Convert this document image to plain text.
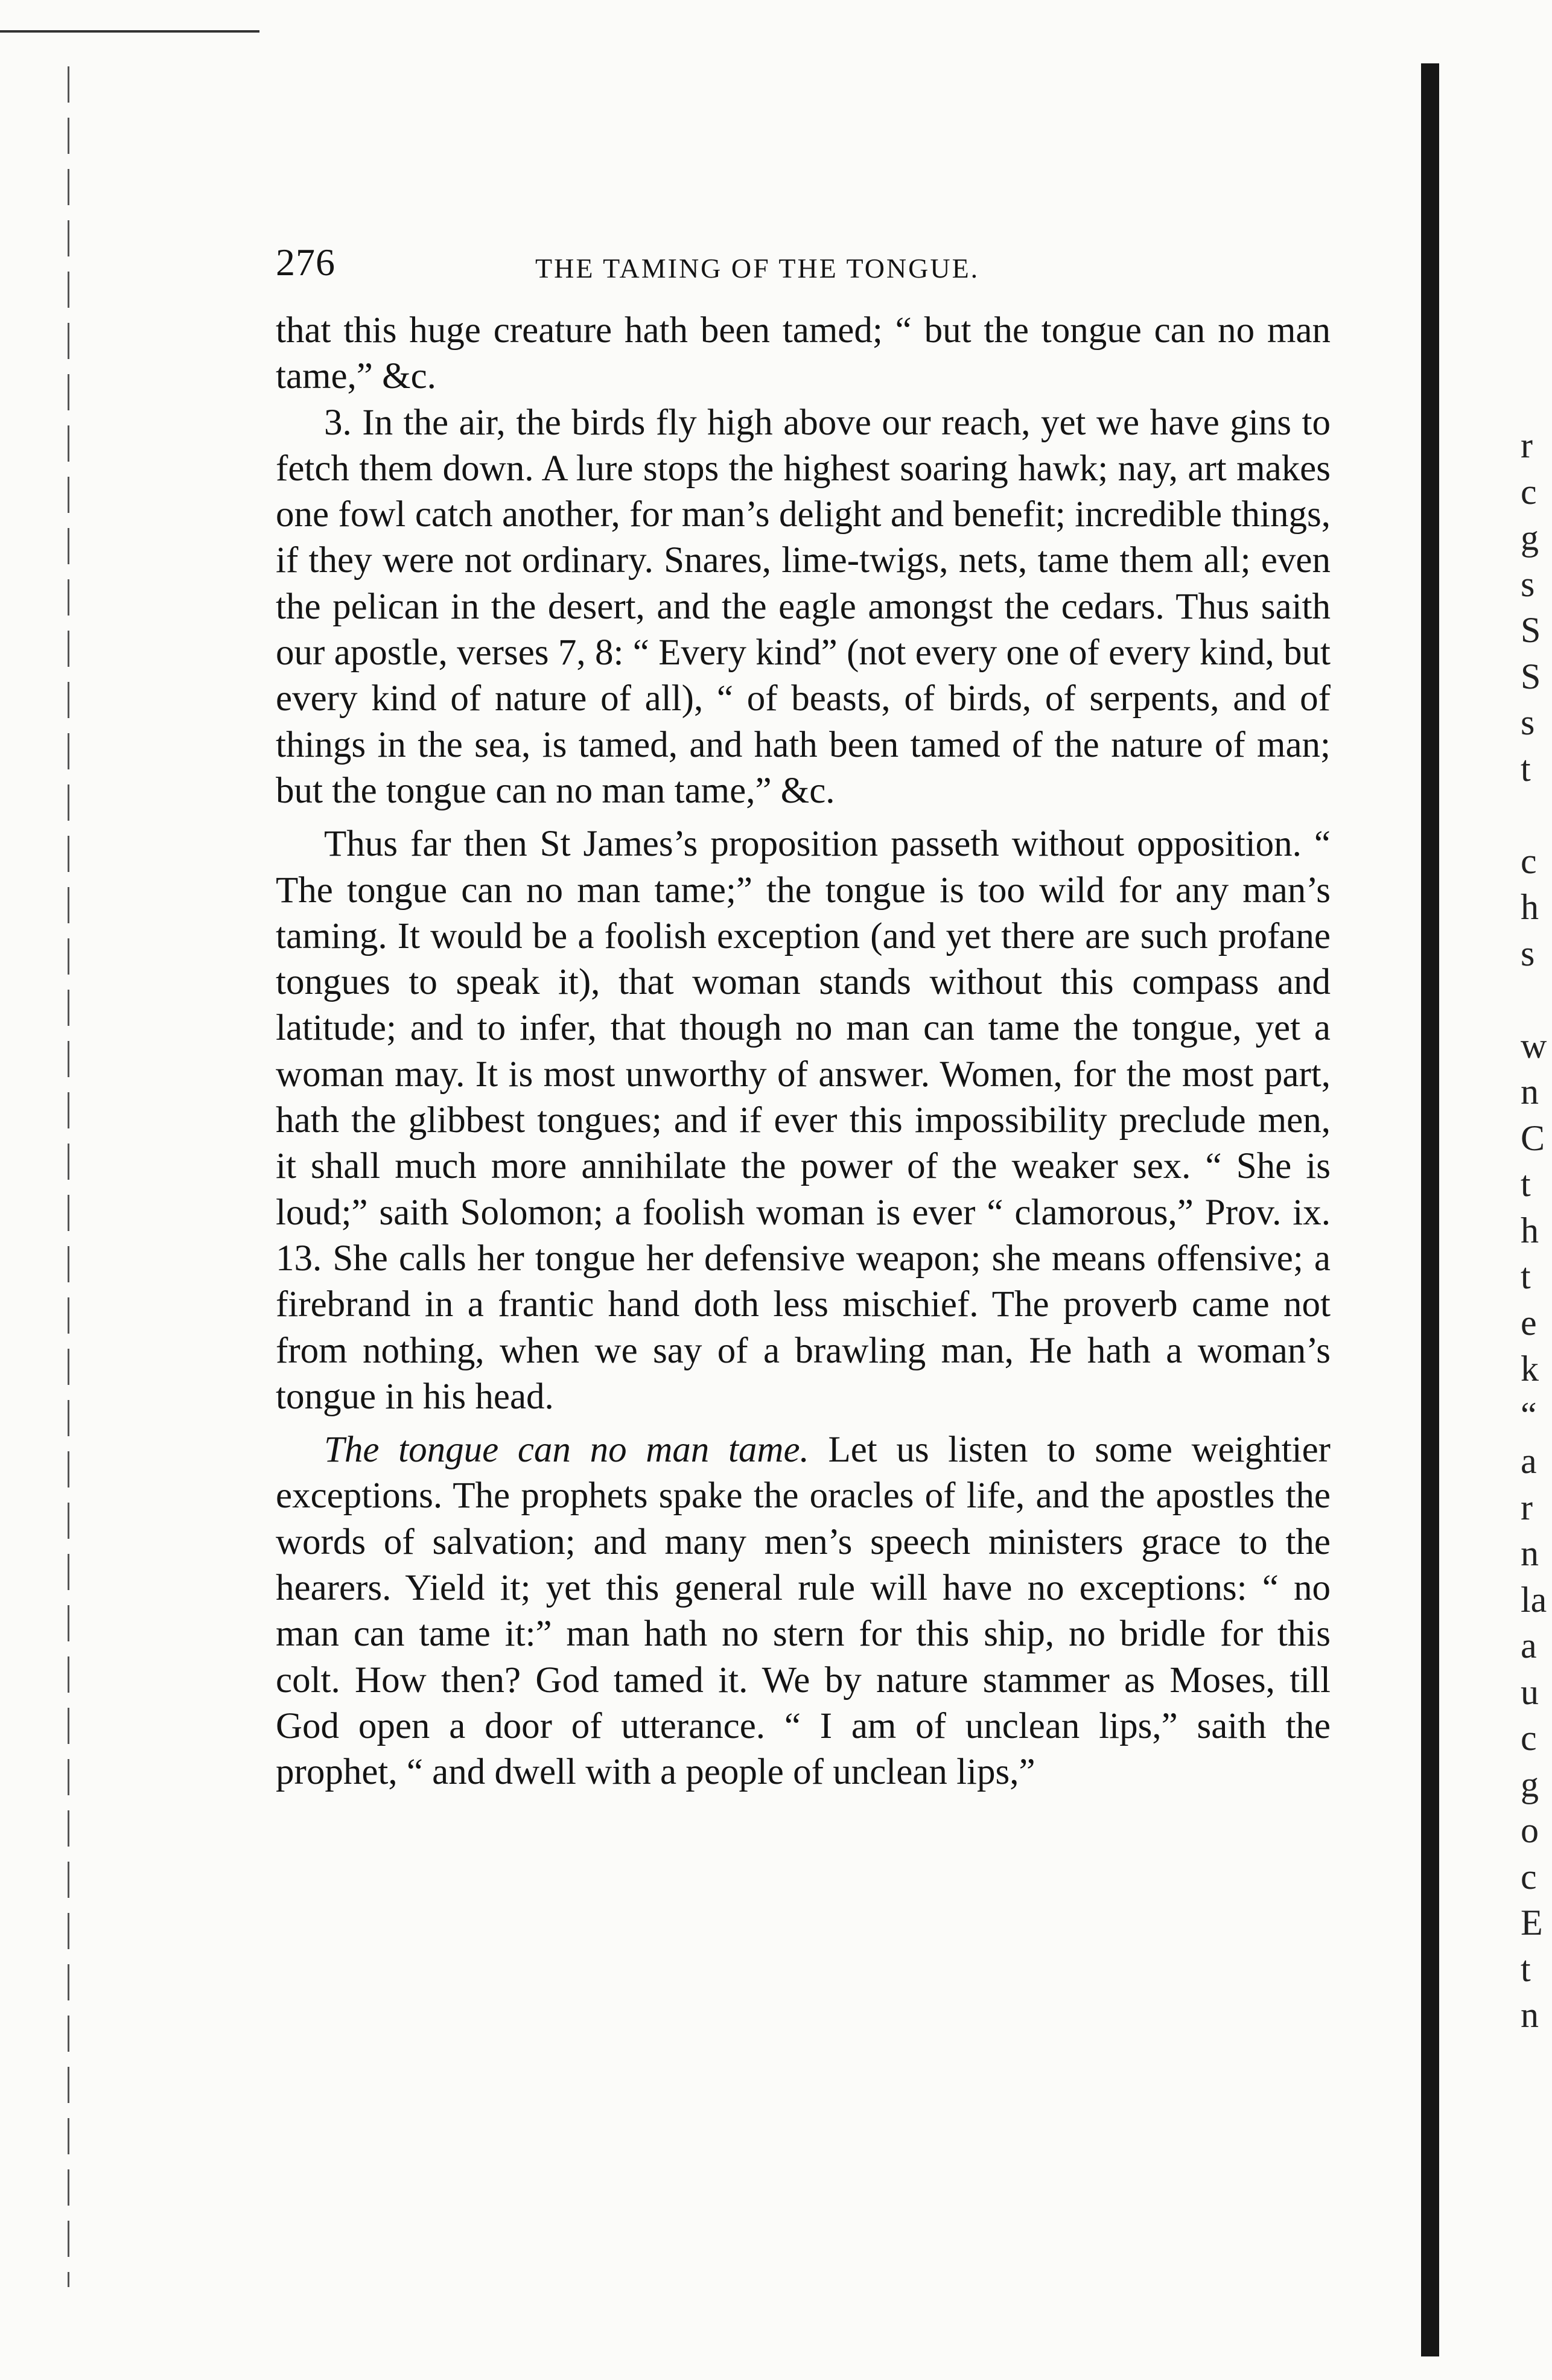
r
c
g
s
S
S
s
t
c
h
s
w
n
C
t
h
t
e
k
“
a
r
n
la
a
u
c
g
o
c
E
t
n
276	THE TAMING OF THE TONGUE.

that this huge creature hath been tamed; “ but the tongue can no man tame,” &c.

3. In the air, the birds fly high above our reach, yet we have gins to fetch them down. A lure stops the highest soaring hawk; nay, art makes one fowl catch another, for man’s delight and benefit; incredible things, if they were not ordinary. Snares, lime-twigs, nets, tame them all; even the pelican in the desert, and the eagle amongst the cedars. Thus saith our apostle, verses 7, 8: “ Every kind” (not every one of every kind, but every kind of nature of all), “ of beasts, of birds, of serpents, and of things in the sea, is tamed, and hath been tamed of the nature of man; but the tongue can no man tame,” &c.

Thus far then St James’s proposition passeth without opposition. “ The tongue can no man tame;” the tongue is too wild for any man’s taming. It would be a foolish exception (and yet there are such profane tongues to speak it), that woman stands without this compass and latitude; and to infer, that though no man can tame the tongue, yet a woman may. It is most unworthy of answer. Women, for the most part, hath the glibbest tongues; and if ever this impossibility preclude men, it shall much more annihilate the power of the weaker sex. “ She is loud;” saith Solomon; a foolish woman is ever “ clamorous,” Prov. ix. 13. She calls her tongue her defensive weapon; she means offensive; a firebrand in a frantic hand doth less mischief. The proverb came not from nothing, when we say of a brawling man, He hath a woman’s tongue in his head.

The tongue can no man tame. Let us listen to some weightier exceptions. The prophets spake the oracles of life, and the apostles the words of salvation; and many men’s speech ministers grace to the hearers. Yield it; yet this general rule will have no exceptions: “ no man can tame it:” man hath no stern for this ship, no bridle for this colt. How then? God tamed it. We by nature stammer as Moses, till God open a door of utterance. “ I am of unclean lips,” saith the prophet, “ and dwell with a people of unclean lips,”
